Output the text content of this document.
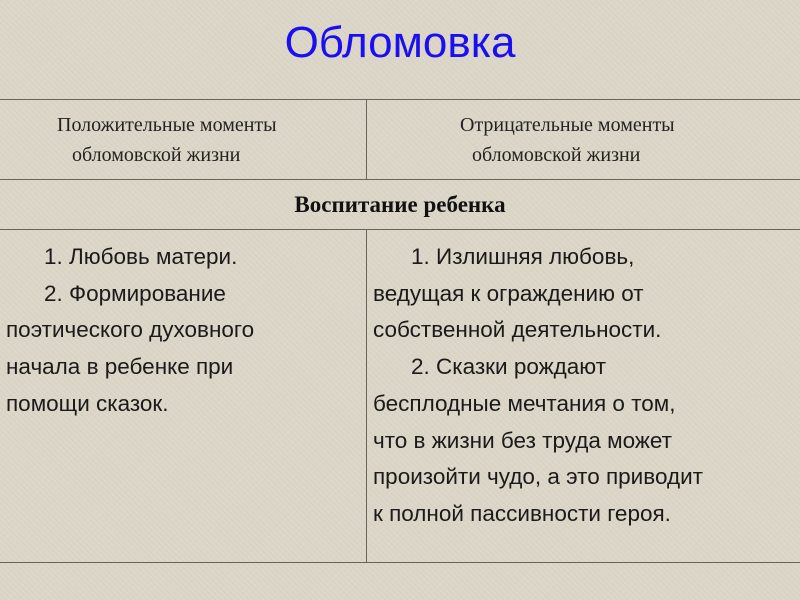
Обломовка
Положительные моменты
обломовской жизни
Отрицательные моменты
обломовской жизни
Воспитание ребенка
1. Любовь матери.
2. Формирование
поэтического духовного
начала в ребенке при
помощи сказок.
1. Излишняя любовь,
ведущая к ограждению от
собственной деятельности.
2. Сказки рождают
бесплодные мечтания о том,
что в жизни без труда может
произойти чудо, а это приводит
к полной пассивности героя.
